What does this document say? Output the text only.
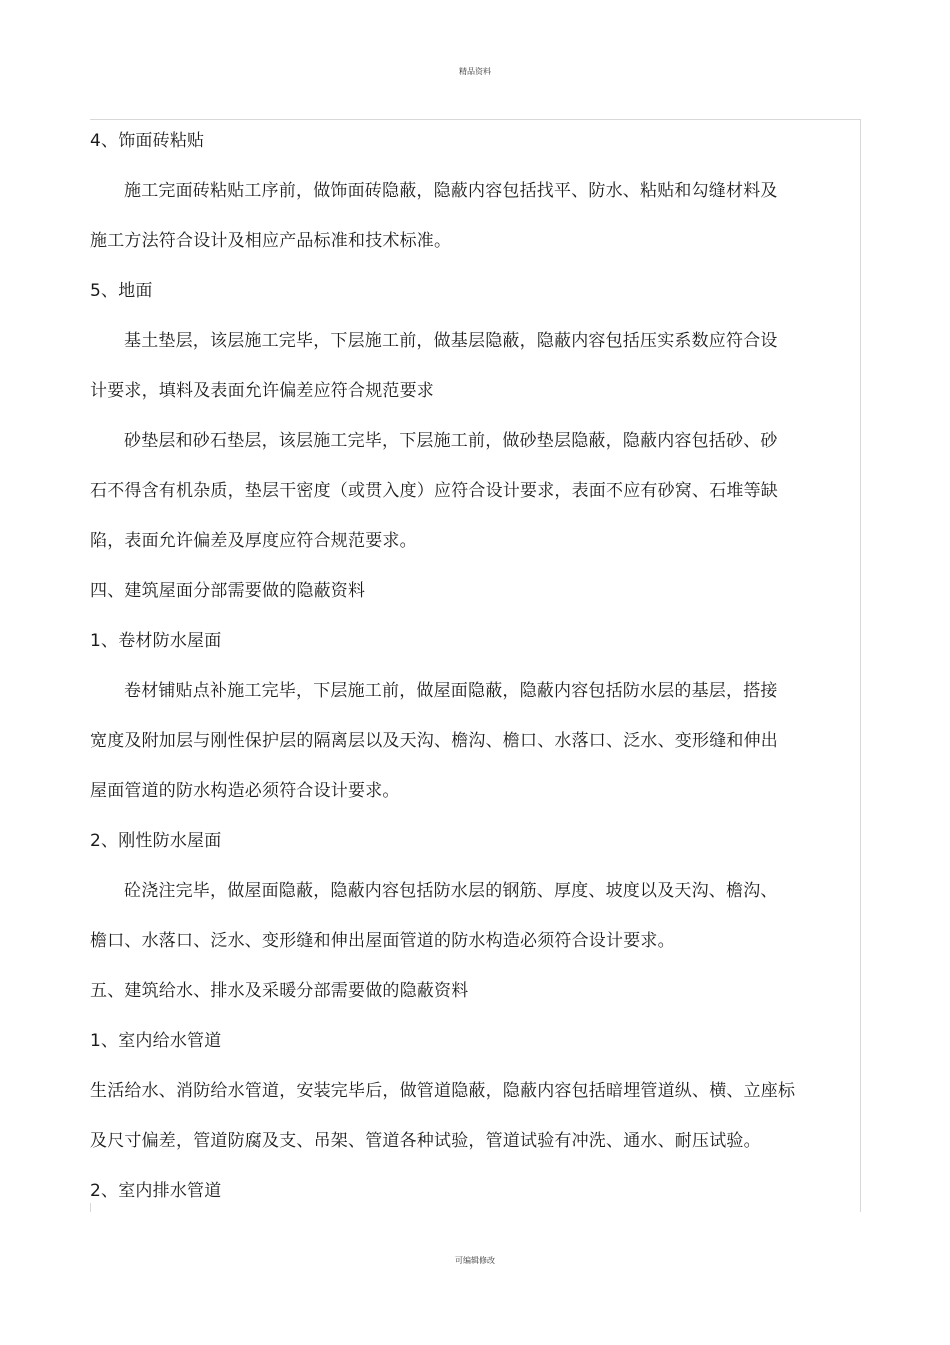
精品资料
4、饰面砖粘贴
施工完面砖粘贴工序前，做饰面砖隐蔽，隐蔽内容包括找平、防水、粘贴和勾缝材料及
施工方法符合设计及相应产品标准和技术标准。
5、地面
基土垫层，该层施工完毕，下层施工前，做基层隐蔽，隐蔽内容包括压实系数应符合设
计要求，填料及表面允许偏差应符合规范要求
砂垫层和砂石垫层，该层施工完毕，下层施工前，做砂垫层隐蔽，隐蔽内容包括砂、砂
石不得含有机杂质，垫层干密度（或贯入度）应符合设计要求，表面不应有砂窝、石堆等缺
陷，表面允许偏差及厚度应符合规范要求。
四、建筑屋面分部需要做的隐蔽资料
1、卷材防水屋面
卷材铺贴点补施工完毕，下层施工前，做屋面隐蔽，隐蔽内容包括防水层的基层，搭接
宽度及附加层与刚性保护层的隔离层以及天沟、檐沟、檐口、水落口、泛水、变形缝和伸出
屋面管道的防水构造必须符合设计要求。
2、刚性防水屋面
砼浇注完毕，做屋面隐蔽，隐蔽内容包括防水层的钢筋、厚度、坡度以及天沟、檐沟、
檐口、水落口、泛水、变形缝和伸出屋面管道的防水构造必须符合设计要求。
五、建筑给水、排水及采暖分部需要做的隐蔽资料
1、室内给水管道
生活给水、消防给水管道，安装完毕后，做管道隐蔽，隐蔽内容包括暗埋管道纵、横、立座标
及尺寸偏差，管道防腐及支、吊架、管道各种试验，管道试验有冲洗、通水、耐压试验。
2、室内排水管道
可编辑修改
